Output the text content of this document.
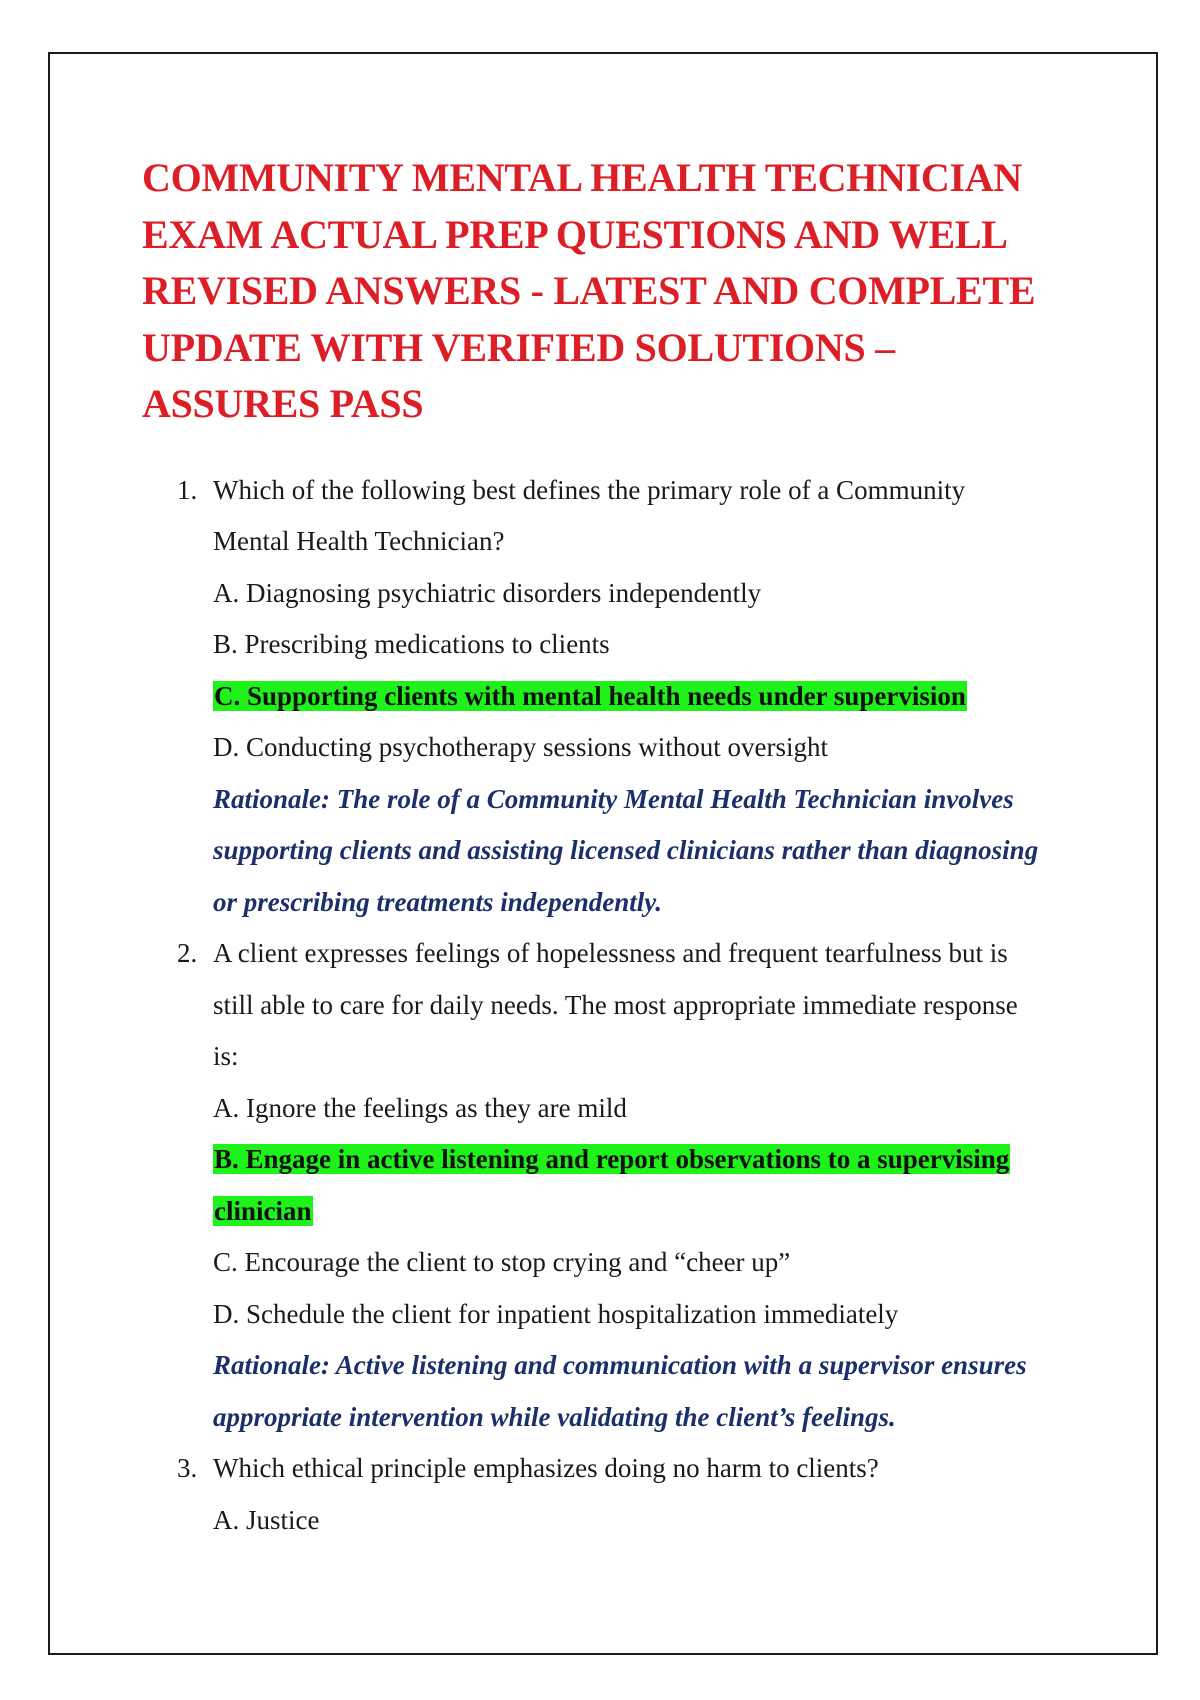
COMMUNITY MENTAL HEALTH TECHNICIAN
EXAM ACTUAL PREP QUESTIONS AND WELL
REVISED ANSWERS - LATEST AND COMPLETE
UPDATE WITH VERIFIED SOLUTIONS –
ASSURES PASS
1. Which of the following best defines the primary role of a Community
Mental Health Technician?
A. Diagnosing psychiatric disorders independently
B. Prescribing medications to clients
C. Supporting clients with mental health needs under supervision
D. Conducting psychotherapy sessions without oversight
Rationale: The role of a Community Mental Health Technician involves
supporting clients and assisting licensed clinicians rather than diagnosing
or prescribing treatments independently.
2. A client expresses feelings of hopelessness and frequent tearfulness but is
still able to care for daily needs. The most appropriate immediate response
is:
A. Ignore the feelings as they are mild
B. Engage in active listening and report observations to a supervising
clinician
C. Encourage the client to stop crying and “cheer up”
D. Schedule the client for inpatient hospitalization immediately
Rationale: Active listening and communication with a supervisor ensures
appropriate intervention while validating the client’s feelings.
3. Which ethical principle emphasizes doing no harm to clients?
A. Justice
